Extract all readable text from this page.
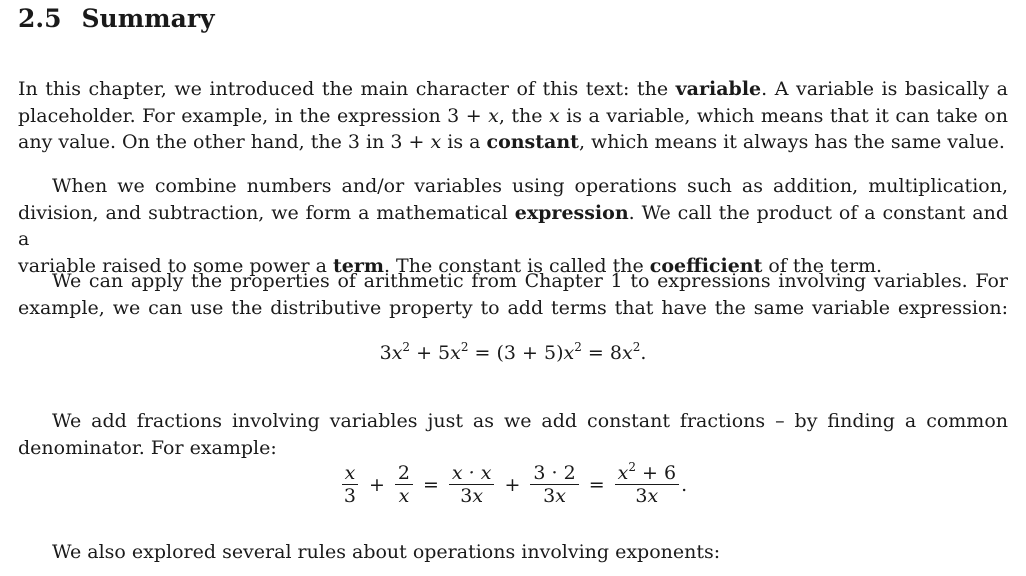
2.5 Summary
In this chapter, we introduced the main character of this text: the variable. A variable is basically a
placeholder. For example, in the expression 3 + x, the x is a variable, which means that it can take on
any value. On the other hand, the 3 in 3 + x is a constant, which means it always has the same value.
When we combine numbers and/or variables using operations such as addition, multiplication,
division, and subtraction, we form a mathematical expression. We call the product of a constant and a
variable raised to some power a term. The constant is called the coefficient of the term.
We can apply the properties of arithmetic from Chapter 1 to expressions involving variables. For
example, we can use the distributive property to add terms that have the same variable expression:
$3x^2 + 5x^2 = (3 + 5)x^2 = 8x^2$.
We add fractions involving variables just as we add constant fractions – by finding a common
denominator. For example:
$\frac{x}{3} + \frac{2}{x} = \frac{x \cdot x}{3x} + \frac{3 \cdot 2}{3x} = \frac{x^2 + 6}{3x}$ .
We also explored several rules about operations involving exponents:
